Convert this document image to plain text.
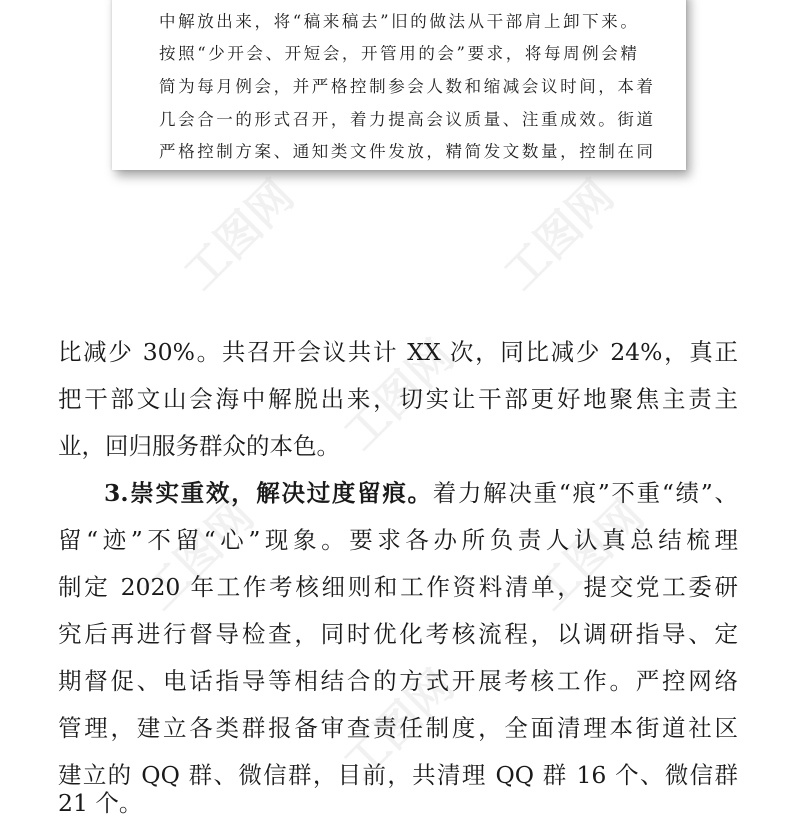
中解放出来，将“稿来稿去”旧的做法从干部肩上卸下来。
按照“少开会、开短会，开管用的会”要求，将每周例会精
简为每月例会，并严格控制参会人数和缩减会议时间，本着
几会合一的形式召开，着力提高会议质量、注重成效。街道
严格控制方案、通知类文件发放，精简发文数量，控制在同
工图网	工图网
工图网
工图网	工图网
工图网
比减少 30%。共召开会议共计 XX 次，同比减少 24%，真正
把干部文山会海中解脱出来，切实让干部更好地聚焦主责主
业，回归服务群众的本色。
3.崇实重效，解决过度留痕。着力解决重“痕”不重“绩”、
留“迹”不留“心”现象。要求各办所负责人认真总结梳理
制定 2020 年工作考核细则和工作资料清单，提交党工委研
究后再进行督导检查，同时优化考核流程，以调研指导、定
期督促、电话指导等相结合的方式开展考核工作。严控网络
管理，建立各类群报备审查责任制度，全面清理本街道社区
建立的 QQ 群、微信群，目前，共清理 QQ 群 16 个、微信群
21 个。
